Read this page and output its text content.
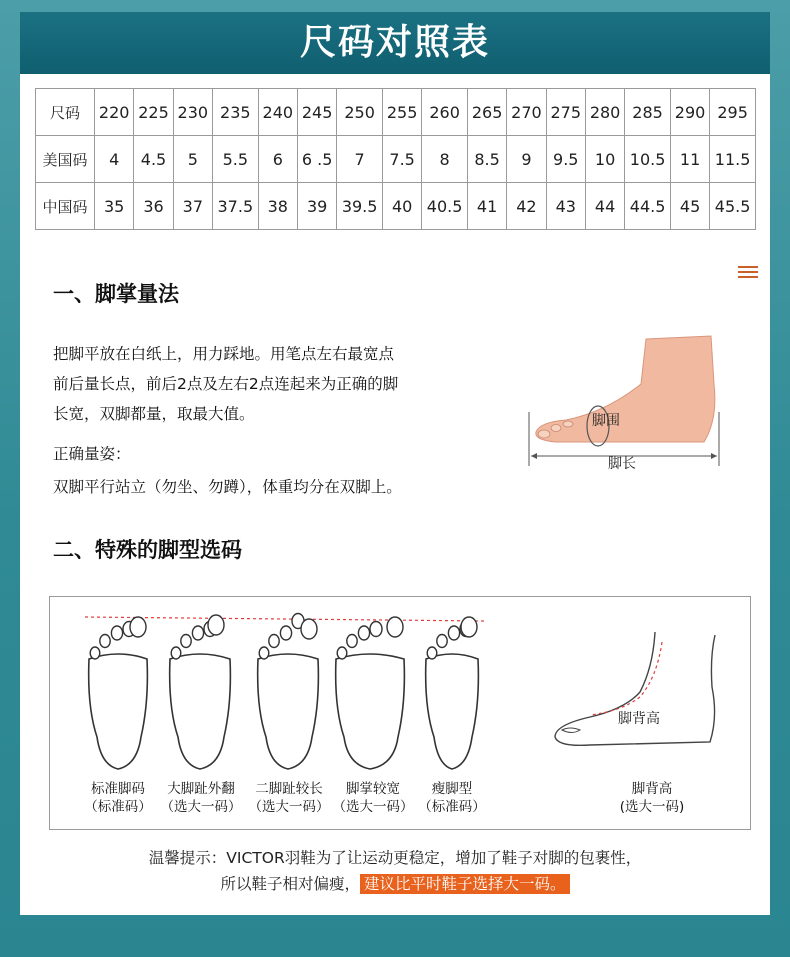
尺码对照表
尺码	220	225	230	235	240	245	250	255	260	265	270	275	280	285	290	295
美国码	4	4.5	5	5.5	6	6 .5	7	7.5	8	8.5	9	9.5	10	10.5	11	11.5
中国码	35	36	37	37.5	38	39	39.5	40	40.5	41	42	43	44	44.5	45	45.5
一、脚掌量法
把脚平放在白纸上，用力踩地。用笔点左右最宽点
前后量长点，前后2点及左右2点连起来为正确的脚
长宽，双脚都量，取最大值。
正确量姿：
双脚平行站立（勿坐、勿蹲），体重均分在双脚上。
脚围
脚长
二、特殊的脚型选码
脚背高
标准脚码
（标准码）
大脚趾外翻
（选大一码）
二脚趾较长
（选大一码）
脚掌较宽
（选大一码）
瘦脚型
（标准码）
脚背高
(选大一码)
温馨提示：VICTOR羽鞋为了让运动更稳定，增加了鞋子对脚的包裹性，
所以鞋子相对偏瘦， 建议比平时鞋子选择大一码。
